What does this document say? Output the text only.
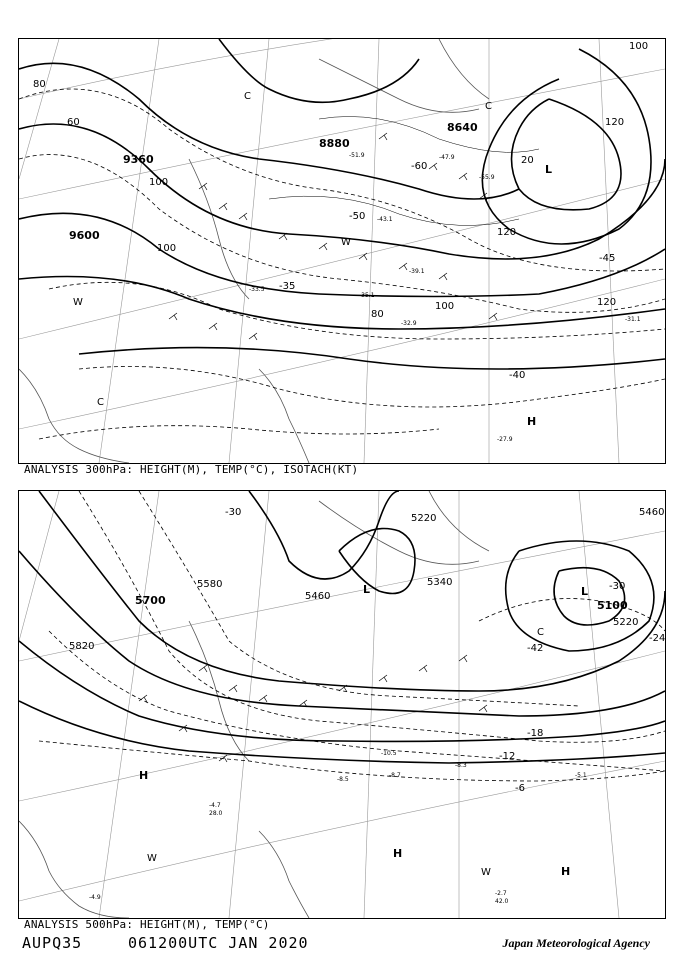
9360
9600
8880
8640
80
60
100
120
20
100
120
80
100
120
100
-40
-45
-50
-35
-60
C
C
L
W
W
C
H
-27.9
-33.5
-43.1
-39.1
-35.1
-32.9
-31.1
-55.9
-47.9
-51.9
ANALYSIS 300hPa: HEIGHT(M), TEMP(°C), ISOTACH(KT)
5700
5820
5580
5460
5340
5220
5100
5460
5220
-30
-42
-18
-12
-6
-24
-30
L	L
C
H
H
W
W	H
-2.7
42.0
-4.7
28.0
-8.5
-10.5
-8.7	-5.1
-4.9
-8.3
ANALYSIS 500hPa: HEIGHT(M), TEMP(°C)
AUPQ35	061200UTC JAN 2020	Japan Meteorological Agency
